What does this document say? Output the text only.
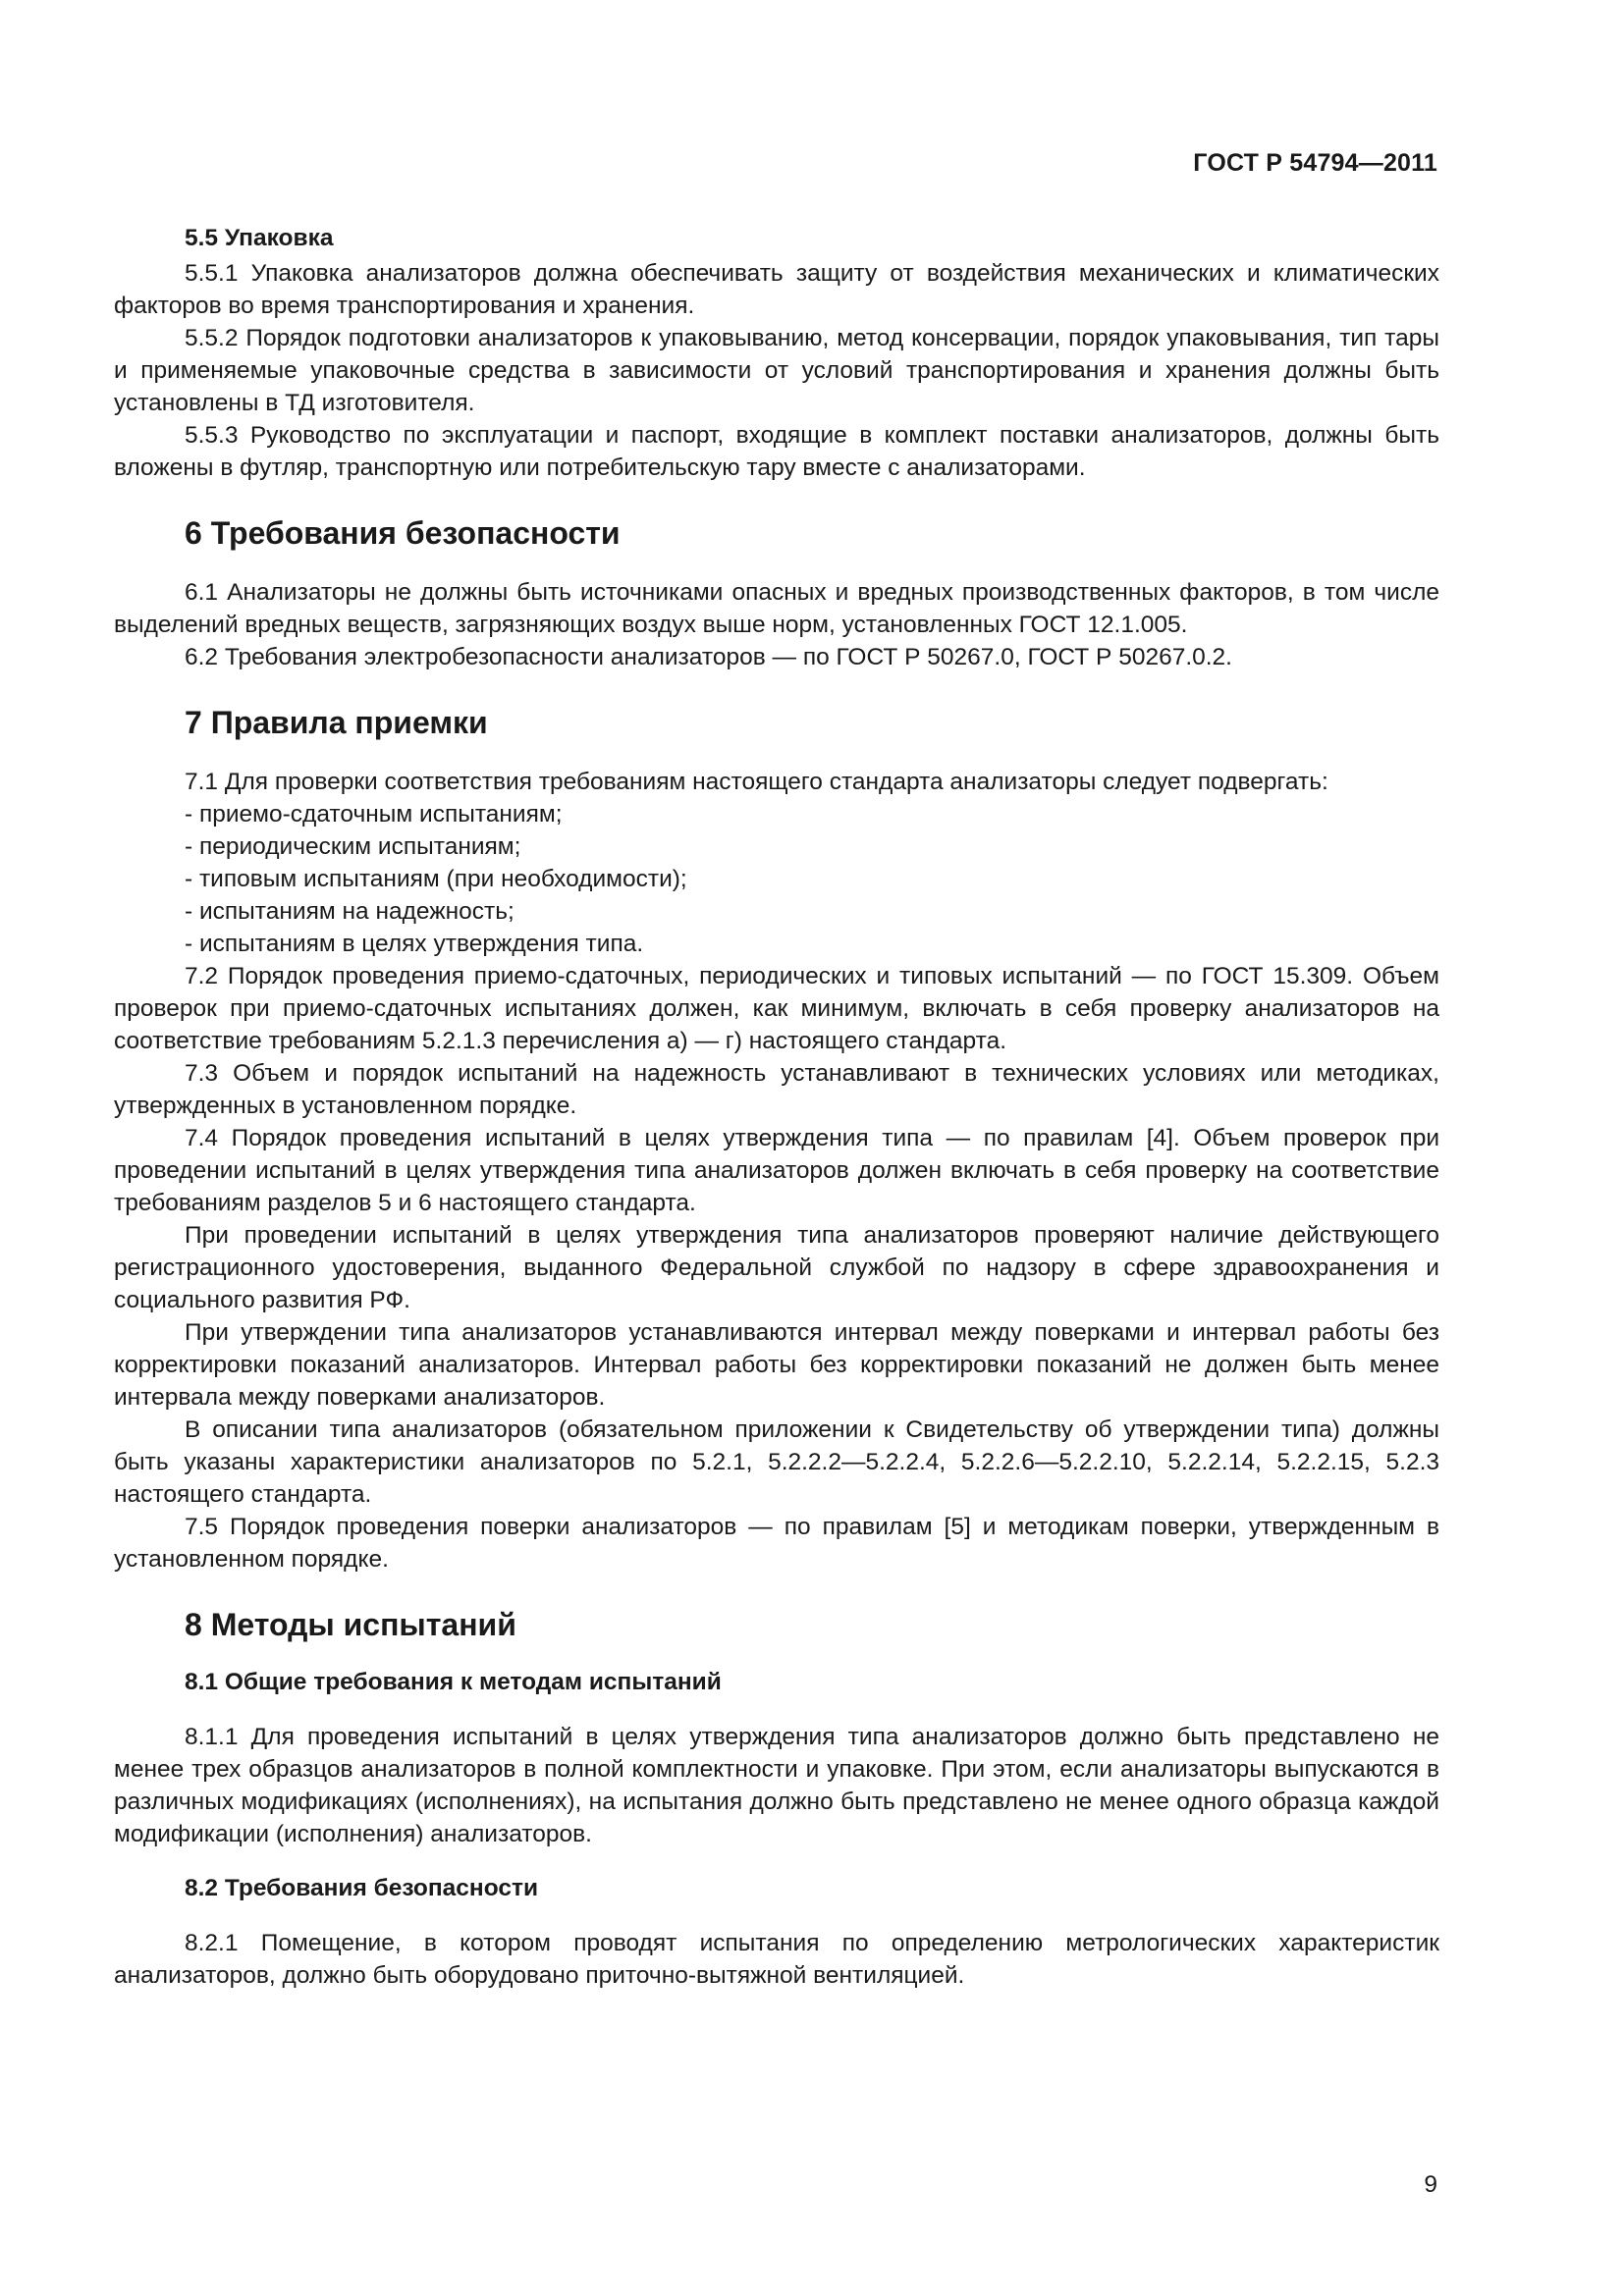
ГОСТ Р 54794—2011
5.5 Упаковка

5.5.1 Упаковка анализаторов должна обеспечивать защиту от воздействия механических и климатических факторов во время транспортирования и хранения.

5.5.2 Порядок подготовки анализаторов к упаковыванию, метод консервации, порядок упаковывания, тип тары и применяемые упаковочные средства в зависимости от условий транспортирования и хранения должны быть установлены в ТД изготовителя.

5.5.3 Руководство по эксплуатации и паспорт, входящие в комплект поставки анализаторов, должны быть вложены в футляр, транспортную или потребительскую тару вместе с анализаторами.

6 Требования безопасности

6.1 Анализаторы не должны быть источниками опасных и вредных производственных факторов, в том числе выделений вредных веществ, загрязняющих воздух выше норм, установленных ГОСТ 12.1.005.

6.2 Требования электробезопасности анализаторов — по ГОСТ Р 50267.0, ГОСТ Р 50267.0.2.

7 Правила приемки

7.1 Для проверки соответствия требованиям настоящего стандарта анализаторы следует подвергать:

- приемо-сдаточным испытаниям;
- периодическим испытаниям;
- типовым испытаниям (при необходимости);
- испытаниям на надежность;
- испытаниям в целях утверждения типа.

7.2 Порядок проведения приемо-сдаточных, периодических и типовых испытаний — по ГОСТ 15.309. Объем проверок при приемо-сдаточных испытаниях должен, как минимум, включать в себя проверку анализаторов на соответствие требованиям 5.2.1.3 перечисления а) — г) настоящего стандарта.

7.3 Объем и порядок испытаний на надежность устанавливают в технических условиях или методиках, утвержденных в установленном порядке.

7.4 Порядок проведения испытаний в целях утверждения типа — по правилам [4]. Объем проверок при проведении испытаний в целях утверждения типа анализаторов должен включать в себя проверку на соответствие требованиям разделов 5 и 6 настоящего стандарта.

При проведении испытаний в целях утверждения типа анализаторов проверяют наличие действующего регистрационного удостоверения, выданного Федеральной службой по надзору в сфере здравоохранения и социального развития РФ.

При утверждении типа анализаторов устанавливаются интервал между поверками и интервал работы без корректировки показаний анализаторов. Интервал работы без корректировки показаний не должен быть менее интервала между поверками анализаторов.

В описании типа анализаторов (обязательном приложении к Свидетельству об утверждении типа) должны быть указаны характеристики анализаторов по 5.2.1, 5.2.2.2—5.2.2.4, 5.2.2.6—5.2.2.10, 5.2.2.14, 5.2.2.15, 5.2.3 настоящего стандарта.

7.5 Порядок проведения поверки анализаторов — по правилам [5] и методикам поверки, утвержденным в установленном порядке.

8 Методы испытаний
8.1 Общие требования к методам испытаний

8.1.1 Для проведения испытаний в целях утверждения типа анализаторов должно быть представлено не менее трех образцов анализаторов в полной комплектности и упаковке. При этом, если анализаторы выпускаются в различных модификациях (исполнениях), на испытания должно быть представлено не менее одного образца каждой модификации (исполнения) анализаторов.

8.2 Требования безопасности

8.2.1 Помещение, в котором проводят испытания по определению метрологических характеристик анализаторов, должно быть оборудовано приточно-вытяжной вентиляцией.

9
